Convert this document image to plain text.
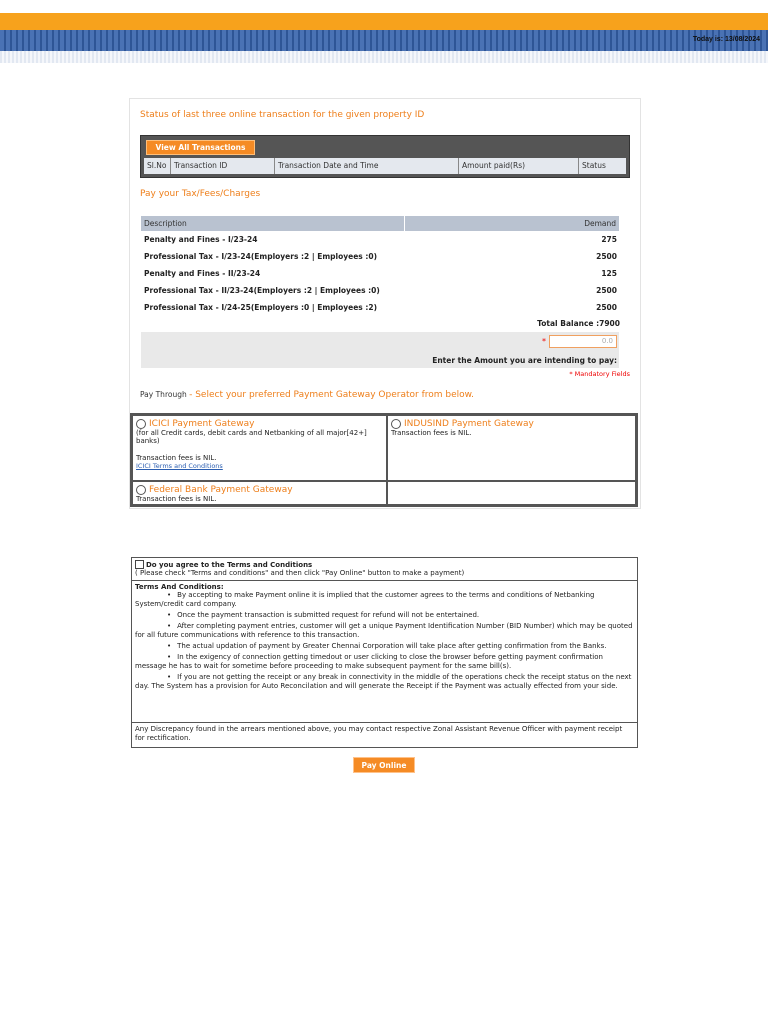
Today is: 13/08/2024
Status of last three online transaction for the given property ID
View All Transactions
Sl.No	Transaction ID	Transaction Date and Time	Amount paid(Rs)	Status
Pay your Tax/Fees/Charges
Description	Demand
Penalty and Fines - I/23-24	275
Professional Tax - I/23-24(Employers :2 | Employees :0)	2500
Penalty and Fines - II/23-24	125
Professional Tax - II/23-24(Employers :2 | Employees :0)	2500
Professional Tax - I/24-25(Employers :0 | Employees :2)	2500
Total Balance :7900
*	0.0
Enter the Amount you are intending to pay:
* Mandatory Fields
Pay Through - Select your preferred Payment Gateway Operator from below.
ICICI Payment Gateway
(for all Credit cards, debit cards and Netbanking of all major[42+] banks)
Transaction fees is NIL.
ICICI Terms and Conditions
INDUSIND Payment Gateway
Transaction fees is NIL.
Federal Bank Payment Gateway
Transaction fees is NIL.
Do you agree to the Terms and Conditions
( Please check "Terms and conditions" and then click "Pay Online" button to make a payment)
Terms And Conditions:

• By accepting to make Payment online it is implied that the customer agrees to the terms and conditions of Netbanking System/credit card company.

• Once the payment transaction is submitted request for refund will not be entertained.

• After completing payment entries, customer will get a unique Payment Identification Number (BID Number) which may be quoted for all future communications with reference to this transaction.

• The actual updation of payment by Greater Chennai Corporation will take place after getting confirmation from the Banks.

• In the exigency of connection getting timedout or user clicking to close the browser before getting payment confirmation message he has to wait for sometime before proceeding to make subsequent payment for the same bill(s).

• If you are not getting the receipt or any break in connectivity in the middle of the operations check the receipt status on the next day. The System has a provision for Auto Reconcilation and will generate the Receipt if the Payment was actually effected from your side.

Any Discrepancy found in the arrears mentioned above, you may contact respective Zonal Assistant Revenue Officer with payment receipt for rectification.
Pay Online
